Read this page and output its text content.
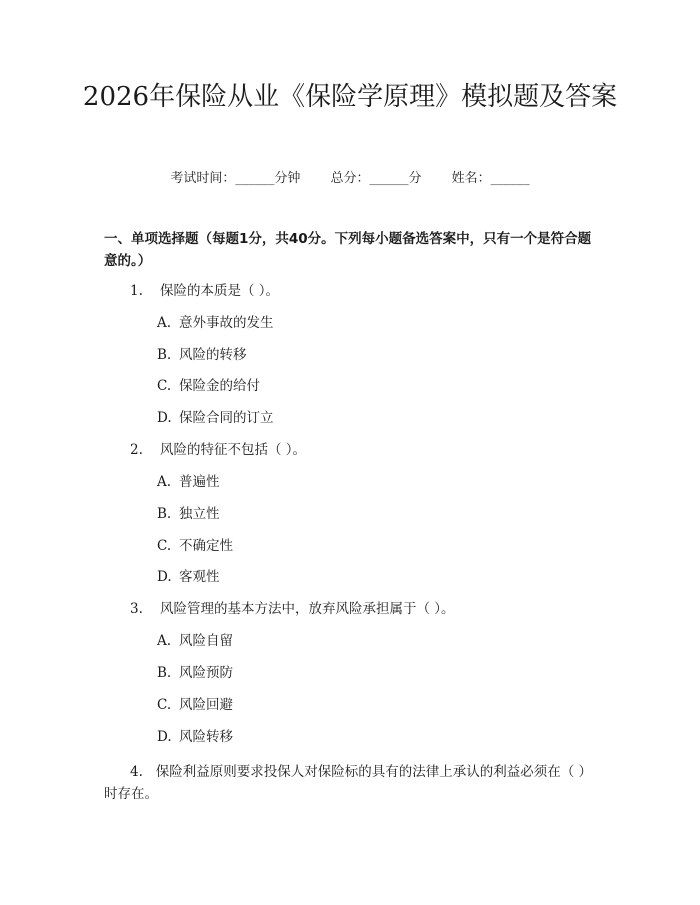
2026年保险从业《保险学原理》模拟题及答案
考试时间：______分钟 总分：______分 姓名：______
一、单项选择题（每题1分，共40分。下列每小题备选答案中，只有一个是符合题意的。）
1. 保险的本质是（ ）。
A. 意外事故的发生
B. 风险的转移
C. 保险金的给付
D. 保险合同的订立
2. 风险的特征不包括（ ）。
A. 普遍性
B. 独立性
C. 不确定性
D. 客观性
3. 风险管理的基本方法中，放弃风险承担属于（ ）。
A. 风险自留
B. 风险预防
C. 风险回避
D. 风险转移
4. 保险利益原则要求投保人对保险标的具有的法律上承认的利益必须在（ ）时存在。
